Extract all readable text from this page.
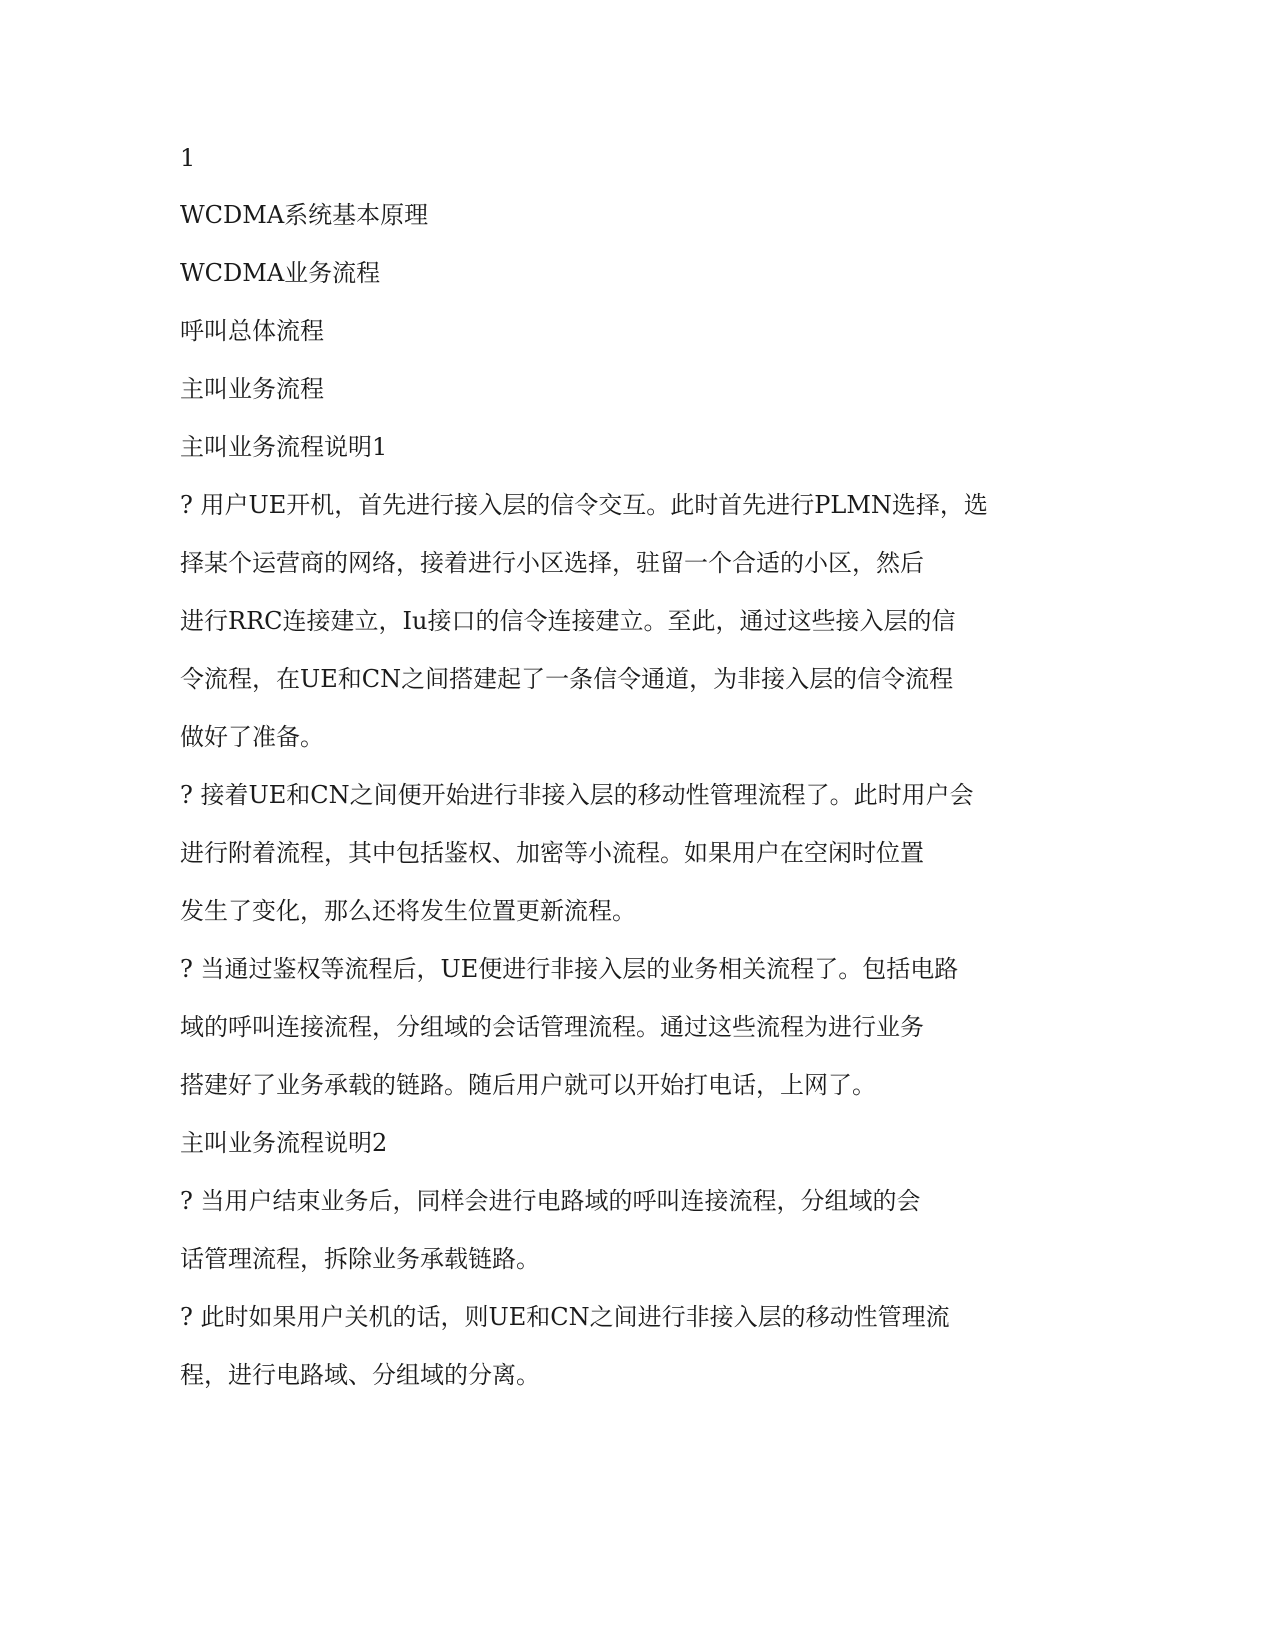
1
WCDMA系统基本原理
WCDMA业务流程
呼叫总体流程
主叫业务流程
主叫业务流程说明1
? 用户UE开机，首先进行接入层的信令交互。此时首先进行PLMN选择，选
择某个运营商的网络，接着进行小区选择，驻留一个合适的小区，然后
进行RRC连接建立，Iu接口的信令连接建立。至此，通过这些接入层的信
令流程，在UE和CN之间搭建起了一条信令通道，为非接入层的信令流程
做好了准备。
? 接着UE和CN之间便开始进行非接入层的移动性管理流程了。此时用户会
进行附着流程，其中包括鉴权、加密等小流程。如果用户在空闲时位置
发生了变化，那么还将发生位置更新流程。
? 当通过鉴权等流程后，UE便进行非接入层的业务相关流程了。包括电路
域的呼叫连接流程，分组域的会话管理流程。通过这些流程为进行业务
搭建好了业务承载的链路。随后用户就可以开始打电话，上网了。
主叫业务流程说明2
? 当用户结束业务后，同样会进行电路域的呼叫连接流程，分组域的会
话管理流程，拆除业务承载链路。
? 此时如果用户关机的话，则UE和CN之间进行非接入层的移动性管理流
程，进行电路域、分组域的分离。
